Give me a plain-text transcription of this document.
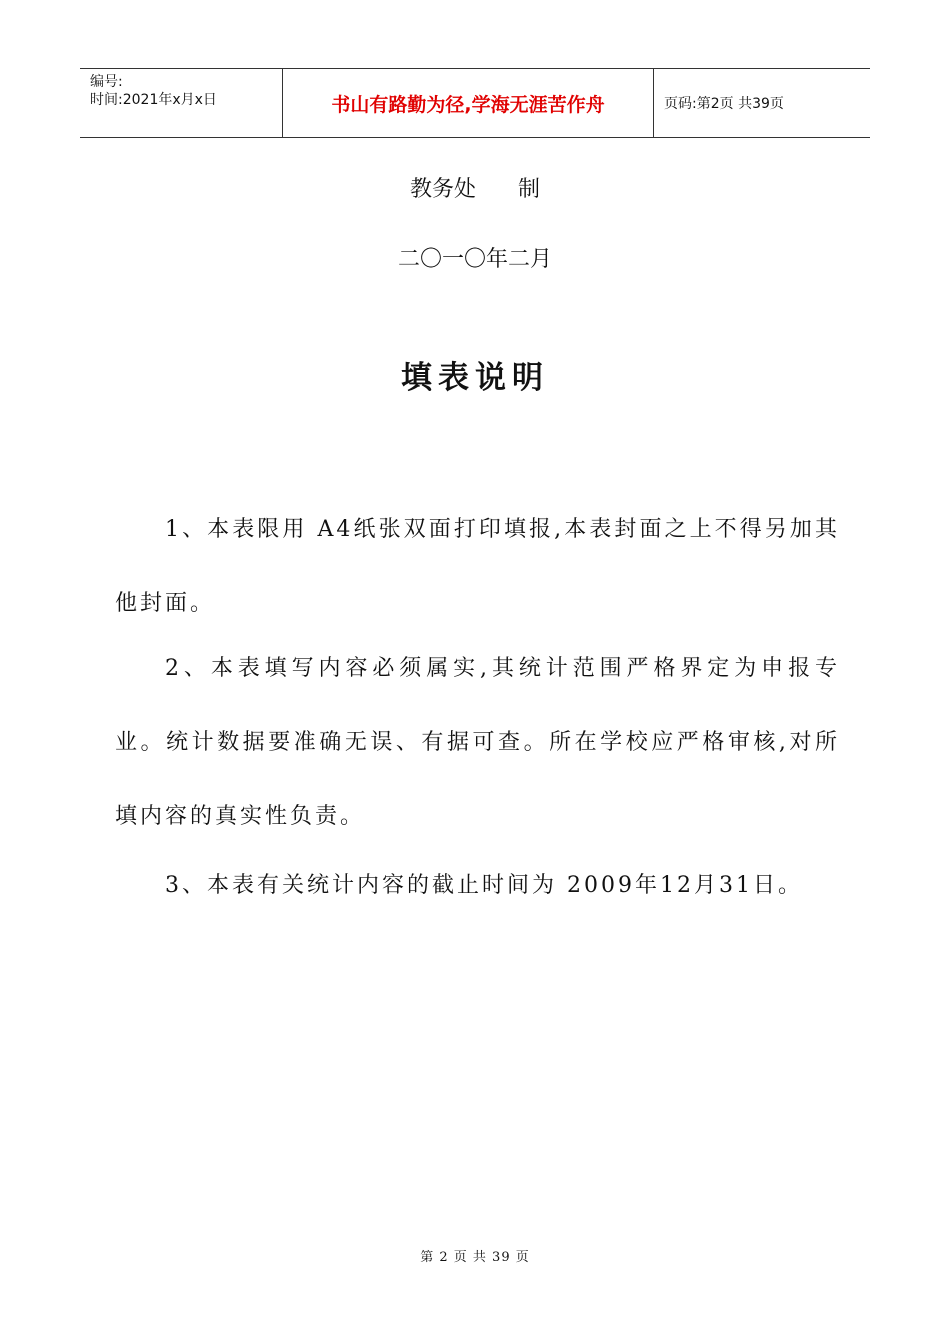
编号:
时间:2021年x月x日	书山有路勤为径,学海无涯苦作舟	页码:第2页 共39页
教务处 制
二〇一〇年二月
填表说明
1、本表限用 A4纸张双面打印填报,本表封面之上不得另加其他封面。
2、本表填写内容必须属实,其统计范围严格界定为申报专业。统计数据要准确无误、有据可查。所在学校应严格审核,对所填内容的真实性负责。
3、本表有关统计内容的截止时间为 2009年12月31日。
第 2 页 共 39 页
